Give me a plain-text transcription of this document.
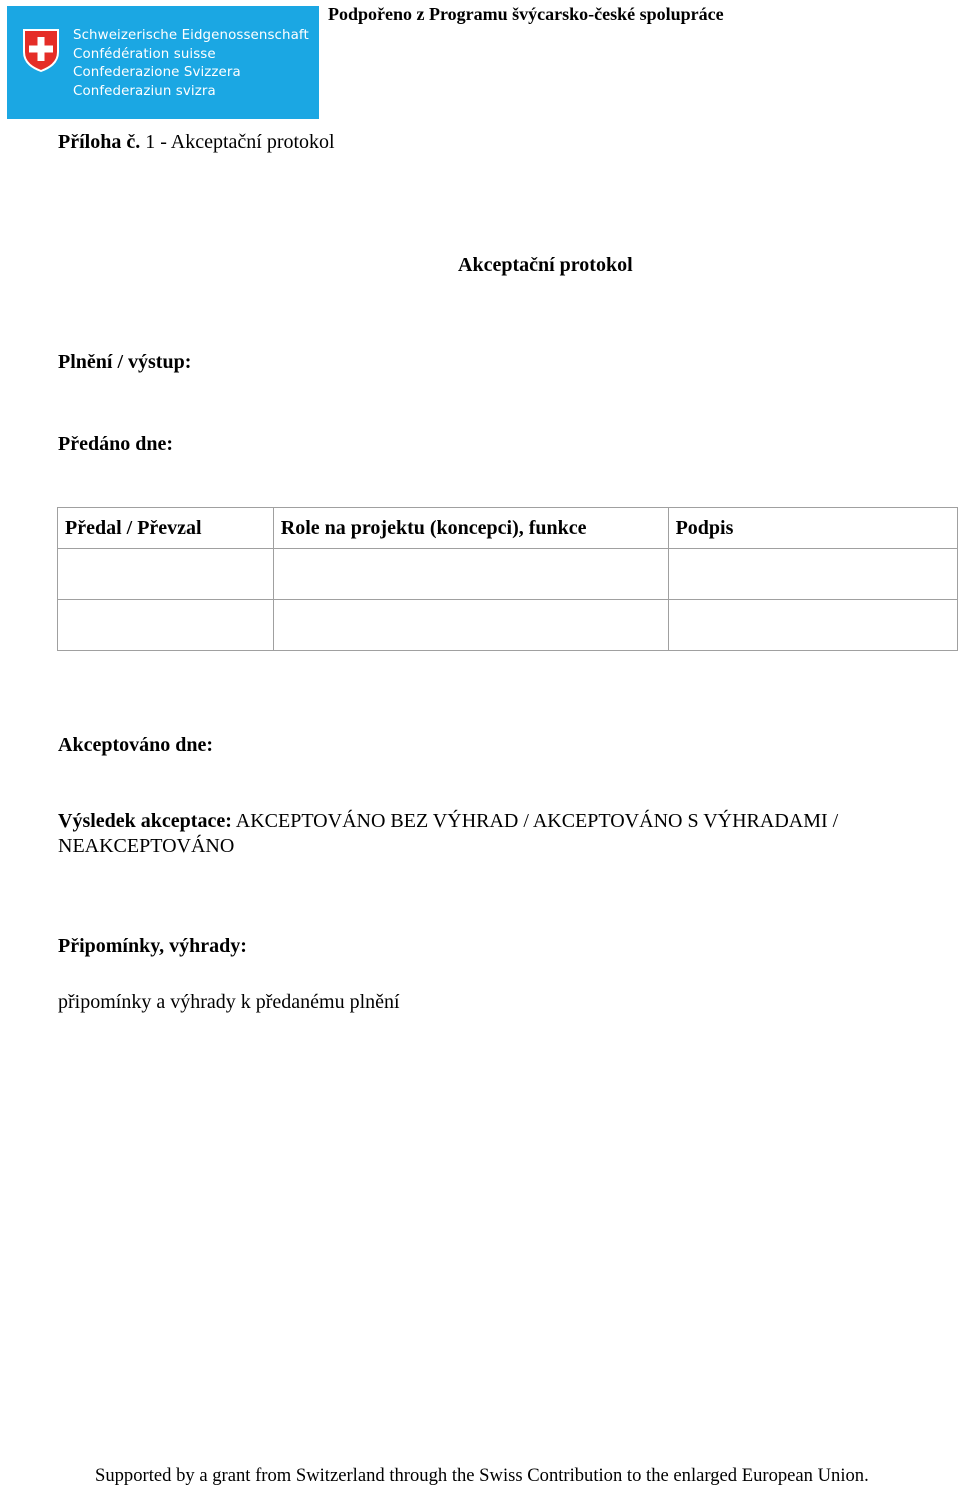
Schweizerische Eidgenossenschaft
Confédération suisse
Confederazione Svizzera
Confederaziun svizra
Podpořeno z Programu švýcarsko-české spolupráce
Příloha č. 1 - Akceptační protokol
Akceptační protokol
Plnění / výstup:
Předáno dne:
Předal / Převzal	Role na projektu (koncepci), funkce	Podpis

Akceptováno dne:
Výsledek akceptace: AKCEPTOVÁNO BEZ VÝHRAD / AKCEPTOVÁNO S VÝHRADAMI / NEAKCEPTOVÁNO
Připomínky, výhrady:
připomínky a výhrady k předanému plnění
Supported by a grant from Switzerland through the Swiss Contribution to the enlarged European Union.
